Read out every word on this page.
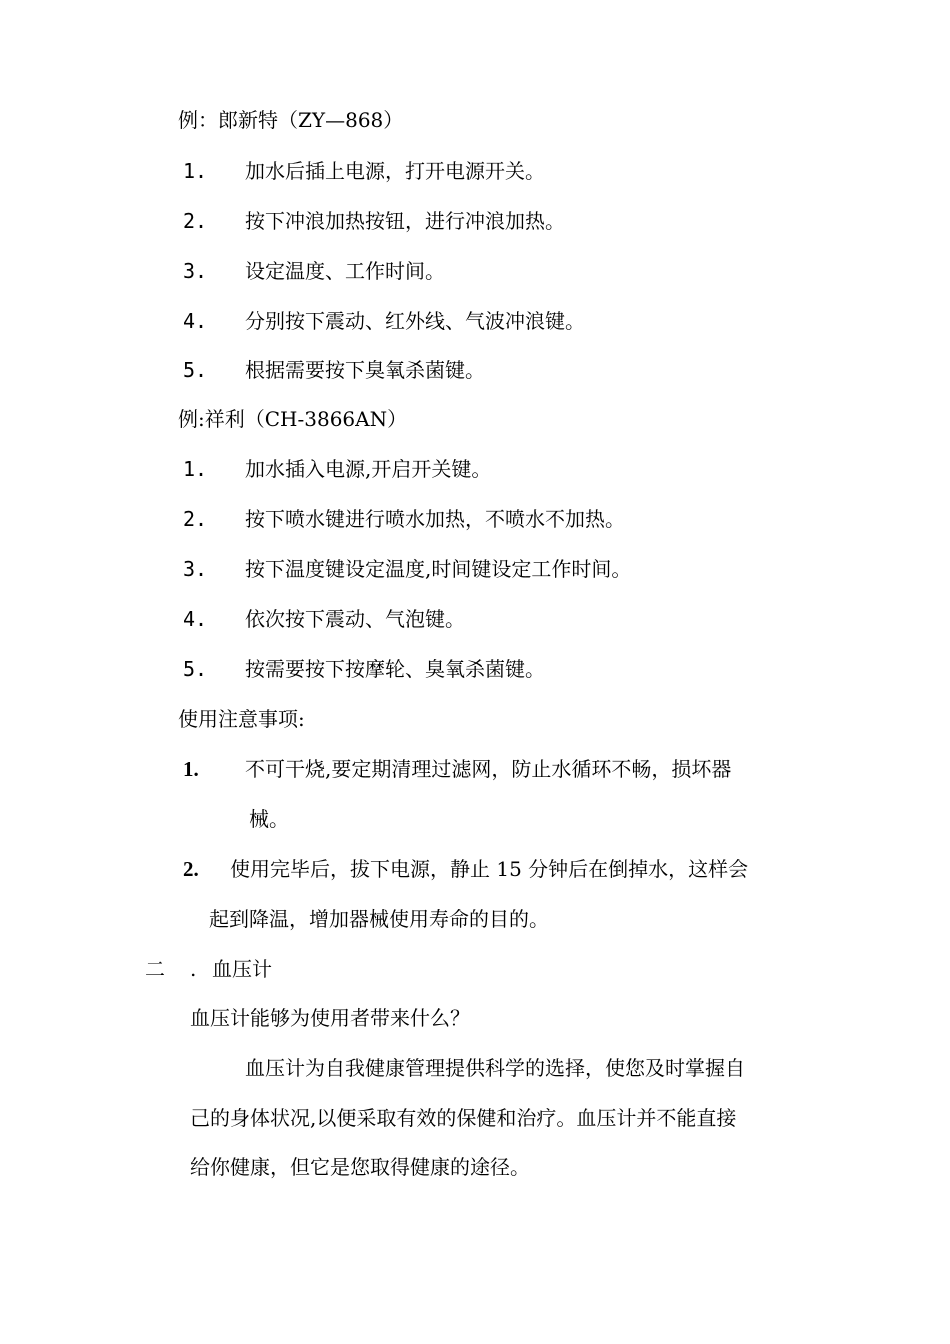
例：郎新特（ZY—868）
1. 加水后插上电源，打开电源开关。
2. 按下冲浪加热按钮，进行冲浪加热。
3. 设定温度、工作时间。
4. 分别按下震动、红外线、气波冲浪键。
5. 根据需要按下臭氧杀菌键。
例:祥利（CH-3866AN）
1. 加水插入电源,开启开关键。
2. 按下喷水键进行喷水加热，不喷水不加热。
3. 按下温度键设定温度,时间键设定工作时间。
4. 依次按下震动、气泡键。
5. 按需要按下按摩轮、臭氧杀菌键。
使用注意事项:
1. 不可干烧,要定期清理过滤网，防止水循环不畅，损坏器
械。
2. 使用完毕后，拔下电源，静止 15 分钟后在倒掉水，这样会
起到降温，增加器械使用寿命的目的。
二 . 血压计
血压计能够为使用者带来什么？
血压计为自我健康管理提供科学的选择，使您及时掌握自
己的身体状况,以便采取有效的保健和治疗。血压计并不能直接
给你健康，但它是您取得健康的途径。
